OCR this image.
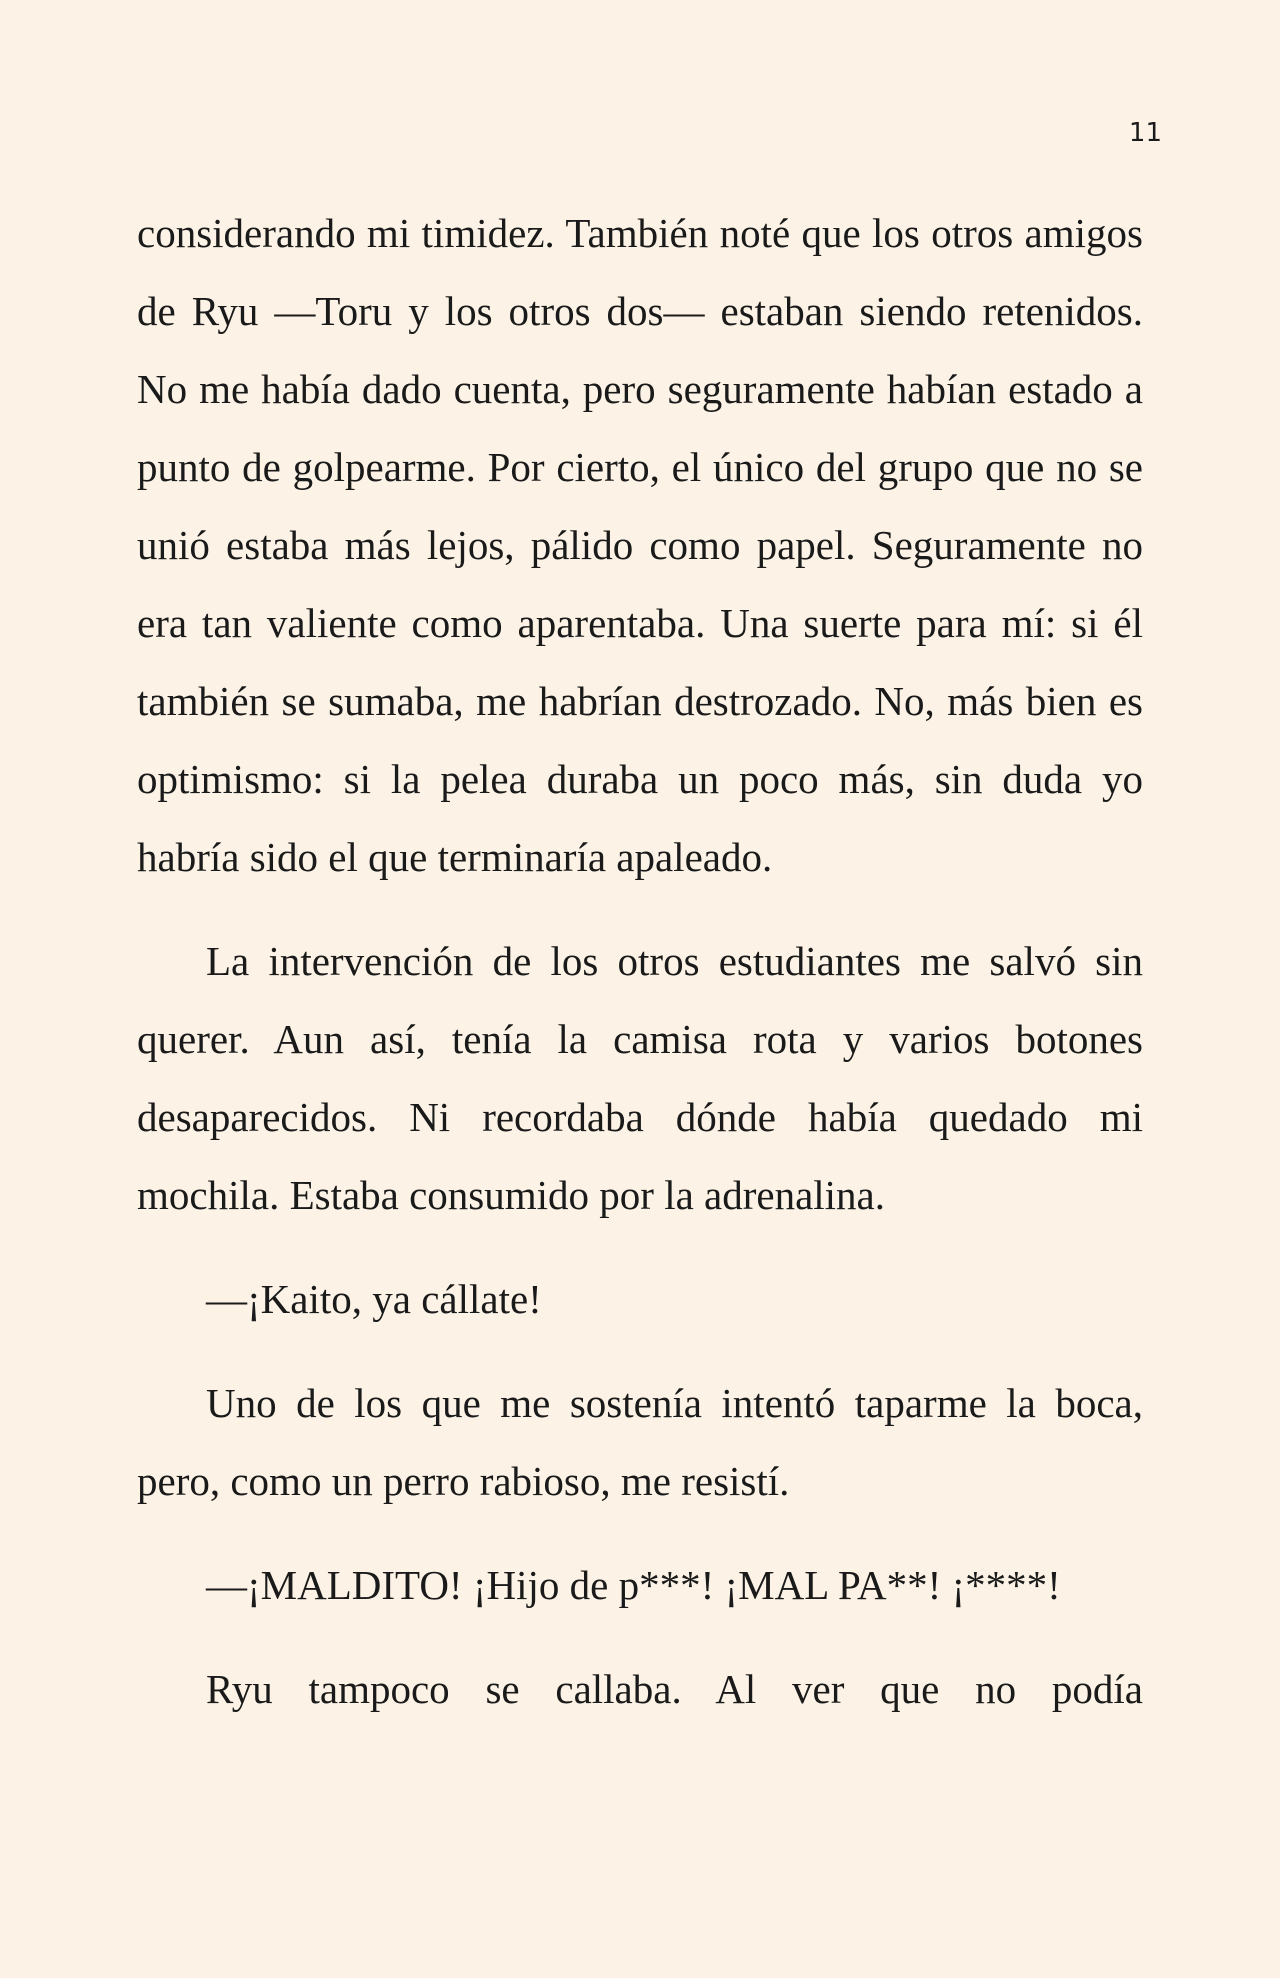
11

considerando mi timidez. También noté que los otros amigos de Ryu —Toru y los otros dos— estaban siendo retenidos. No me había dado cuenta, pero seguramente habían estado a punto de golpearme. Por cierto, el único del grupo que no se unió estaba más lejos, pálido como papel. Seguramente no era tan valiente como aparentaba. Una suerte para mí: si él también se sumaba, me habrían destrozado. No, más bien es optimismo: si la pelea duraba un poco más, sin duda yo habría sido el que terminaría apaleado.

La intervención de los otros estudiantes me salvó sin querer. Aun así, tenía la camisa rota y varios botones desaparecidos. Ni recordaba dónde había quedado mi mochila. Estaba consumido por la adrenalina.

—¡Kaito, ya cállate!

Uno de los que me sostenía intentó taparme la boca, pero, como un perro rabioso, me resistí.

—¡MALDITO! ¡Hijo de p***! ¡MAL PA**! ¡****!

Ryu tampoco se callaba. Al ver que no podía
